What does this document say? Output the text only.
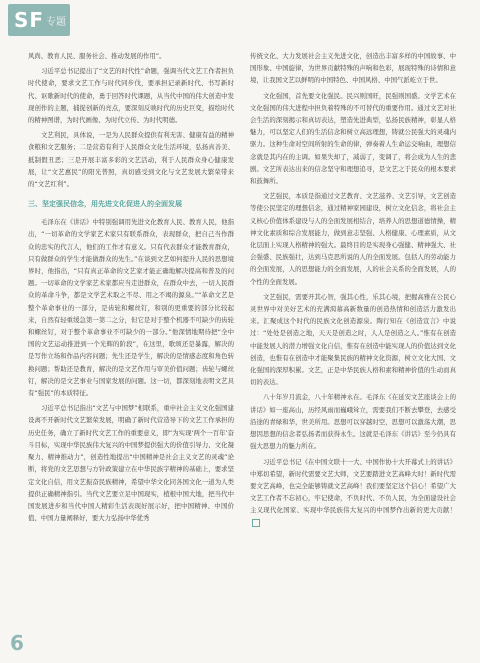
SF 专题

风尚、教育人民、服务社会、推动发展的作用”。

习近平总书记提出了“文艺的时代性”命题，强调当代文艺工作者担负时代使命，要求文艺工作与时代同步伐，要承担记录新时代、书写新时代、讴歌新时代的使命，勇于回答时代课题，从当代中国的伟大创造中发现创作的主题，捕捉创新的亮点，要深刻反映时代的历史巨变，描绘时代的精神图谱，为时代画像、为时代立传、为时代明德。

文艺利民，具体说，一是为人民群众提供有利无害、健康有益的精神食粮和文艺服务；二是营造有利于人民群众文化生活环境，弘扬真善美、抵制假丑恶；三是开展丰富多彩的文艺活动，利于人民群众身心健康发展，让“文艺惠民”的阳光普照，真切感受到文化与文艺发展大繁荣带来的“文艺红利”。

三、坚定强民信念，用先进文化促进人的全面发展

毛泽东在《讲话》中特别强调用先进文化教育人民、教育人民，他指出，“一切革命的文学家艺术家只有联系群众，表现群众，把自己当作群众的忠实的代言人，他们的工作才有意义。只有代表群众才能教育群众，只有做群众的学生才能做群众的先生。”在谈到文艺如何提升人民的思想境界时，他指出，“只有真正革命的文艺家才能正确地解决提高和普及的问题。一切革命的文学家艺术家都应当走进群众，在群众中去，一切人民群众的革命斗争，都是文学艺术取之不尽、用之不竭的源泉。”“革命文艺是整个革命事业的一部分，是齿轮和螺丝钉，和别的更重要的部分比较起来，自然有轻重缓急第一第二之分，但它是对于整个机器不可缺少的齿轮和螺丝钉，对于整个革命事业不可缺少的一部分。”他深情地期待把“全中国的文艺运动推进到一个光辉的阶段”，在这里，歌颂还是暴露，解决的是写作立场和作品内容问题；先生还是学生，解决的是情感态度和角色转换问题；帮助还是教育，解决的是文艺作用与审美价值问题；齿轮与螺丝钉，解决的是文艺事业与国家发展的问题。这一切，都深刻地表明文艺具有“强民”的本质特征。

习近平总书记指出“文艺与中国梦”相联系，重申社会主义文化强国建设离不开新时代文艺繁荣发展，明确了新时代营造导下的文艺工作承担的历史任务，确立了新时代文艺工作的重要意义，即“为实现‘两个一百年’奋斗目标，实现中华民族伟大复兴的中国梦提供强大的价值引导力、文化凝聚力、精神推动力”，创造性地提出“中国精神是社会主义文艺的灵魂”论断，将党的文艺思想与方针政策建立在中华民族宇精神的基础上，要求坚定文化自信，用文艺振奋民族精神，希望中华文化同各国文化一道为人类提供正确精神指引。当代文艺要立足中国现实，植根中国大地，把当代中国发展进步和当代中国人精彩生活表现好展示好，把中国精神、中国价值、中国力量阐释好，要大力弘扬中华优秀

传统文化、大力发展社会主义先进文化，创造出丰富多样的中国故事、中国形象、中国旋律，为世界贡献特殊的声响和色彩，展现特殊的诗情和意境，让我国文艺以鲜明的中国特色、中国风格、中国气派屹立于世。

文化强国，首先要文化强民。民兴则国旺，民强则国盛。文学艺术在文化强国的伟大进程中担负着特殊的不可替代的重要作用。通过文艺对社会生活的深刻揭示和真切表达，塑造先进典型，弘扬民族精神，彰显人格魅力，可以坚定人们的生活信念和树立高远理想，铸就公民强大的灵魂内驱力。这种生命对空间所射的生命的律，弹奏着人生命运交响曲，理想信念就是其内在的主调。如果失却了，减弱了，变调了，将会成为人生的悲剧。文艺所表达出来的信念坚守和理想追寻，是文艺之于民众的根本要求和鼓舞所。

文艺强民，本质是指通过文艺教育、文艺滋养、文艺引导，文艺创造等使公民坚定的理想信念，通过精神家园建设，树立文化信念，将社会主义核心价值体系建设与人的全面发展相结合，培养人的思想道德情操，精神文化素质和综合发展能力，做到意志坚强、人格健康、心理素质，从文化层面上实现人格精神的强大。最终目的是实现身心强健、精神强大、社会强盛、民族强壮，达到马克思所说的人的全面发展。包括人的劳动能力的全面发展，人的思想能力的全面发展，人的社会关系的全面发展，人的个性的全面发展。

文艺强民，需要开其心智，强其心性，乐其心境，把握高雅在公民心灵世界中对美好艺术的充满渴慕高新数量的创造热情和创造活力激发出来。汇聚成这个时代的民族文化创造源泉。陶行知在《创造宣言》中说过：“处处是创造之地，天天是创造之时，人人是创造之人。”惟有在创造中能发展人的潜力增强文化自信，惟有在创造中能实现人的价值达到文化创造，也惟有在创造中才能聚集民族的精神文化资源，树立文化大国、文化强国的深厚积累。文艺，正是中华民族人格和素和精神价值的生动而真切的表达。

八十年岁月流金，八十年精神永在。毛泽东《在延安文艺座谈会上的讲话》如一座高山，历经风雨而巍峨耸立，需要我们不断去攀登，去感受沿途的青绿和华，世美所用。思想可以穿越时空，思想可以激荡大潮，思想因思想的信念者弘扬者而获得永生。这就是毛泽东《讲话》至今仍具有强大思想力的魅力所在。

习近平总书记《在中国文联十一大、中国作协十大开幕式上的讲话》中郑切希望，新时代需要文艺大师，文艺要踏进文艺高峰大时！新时代需要文艺高峰，也完全能够铸就文艺高峰！我们要坚定这个信心！希望广大文艺工作者不忘初心，牢记使命，不负时代、不负人民，为全面建设社会主义现代化国家、实现中华民族伟大复兴的中国梦作出新的更大贡献！

6
